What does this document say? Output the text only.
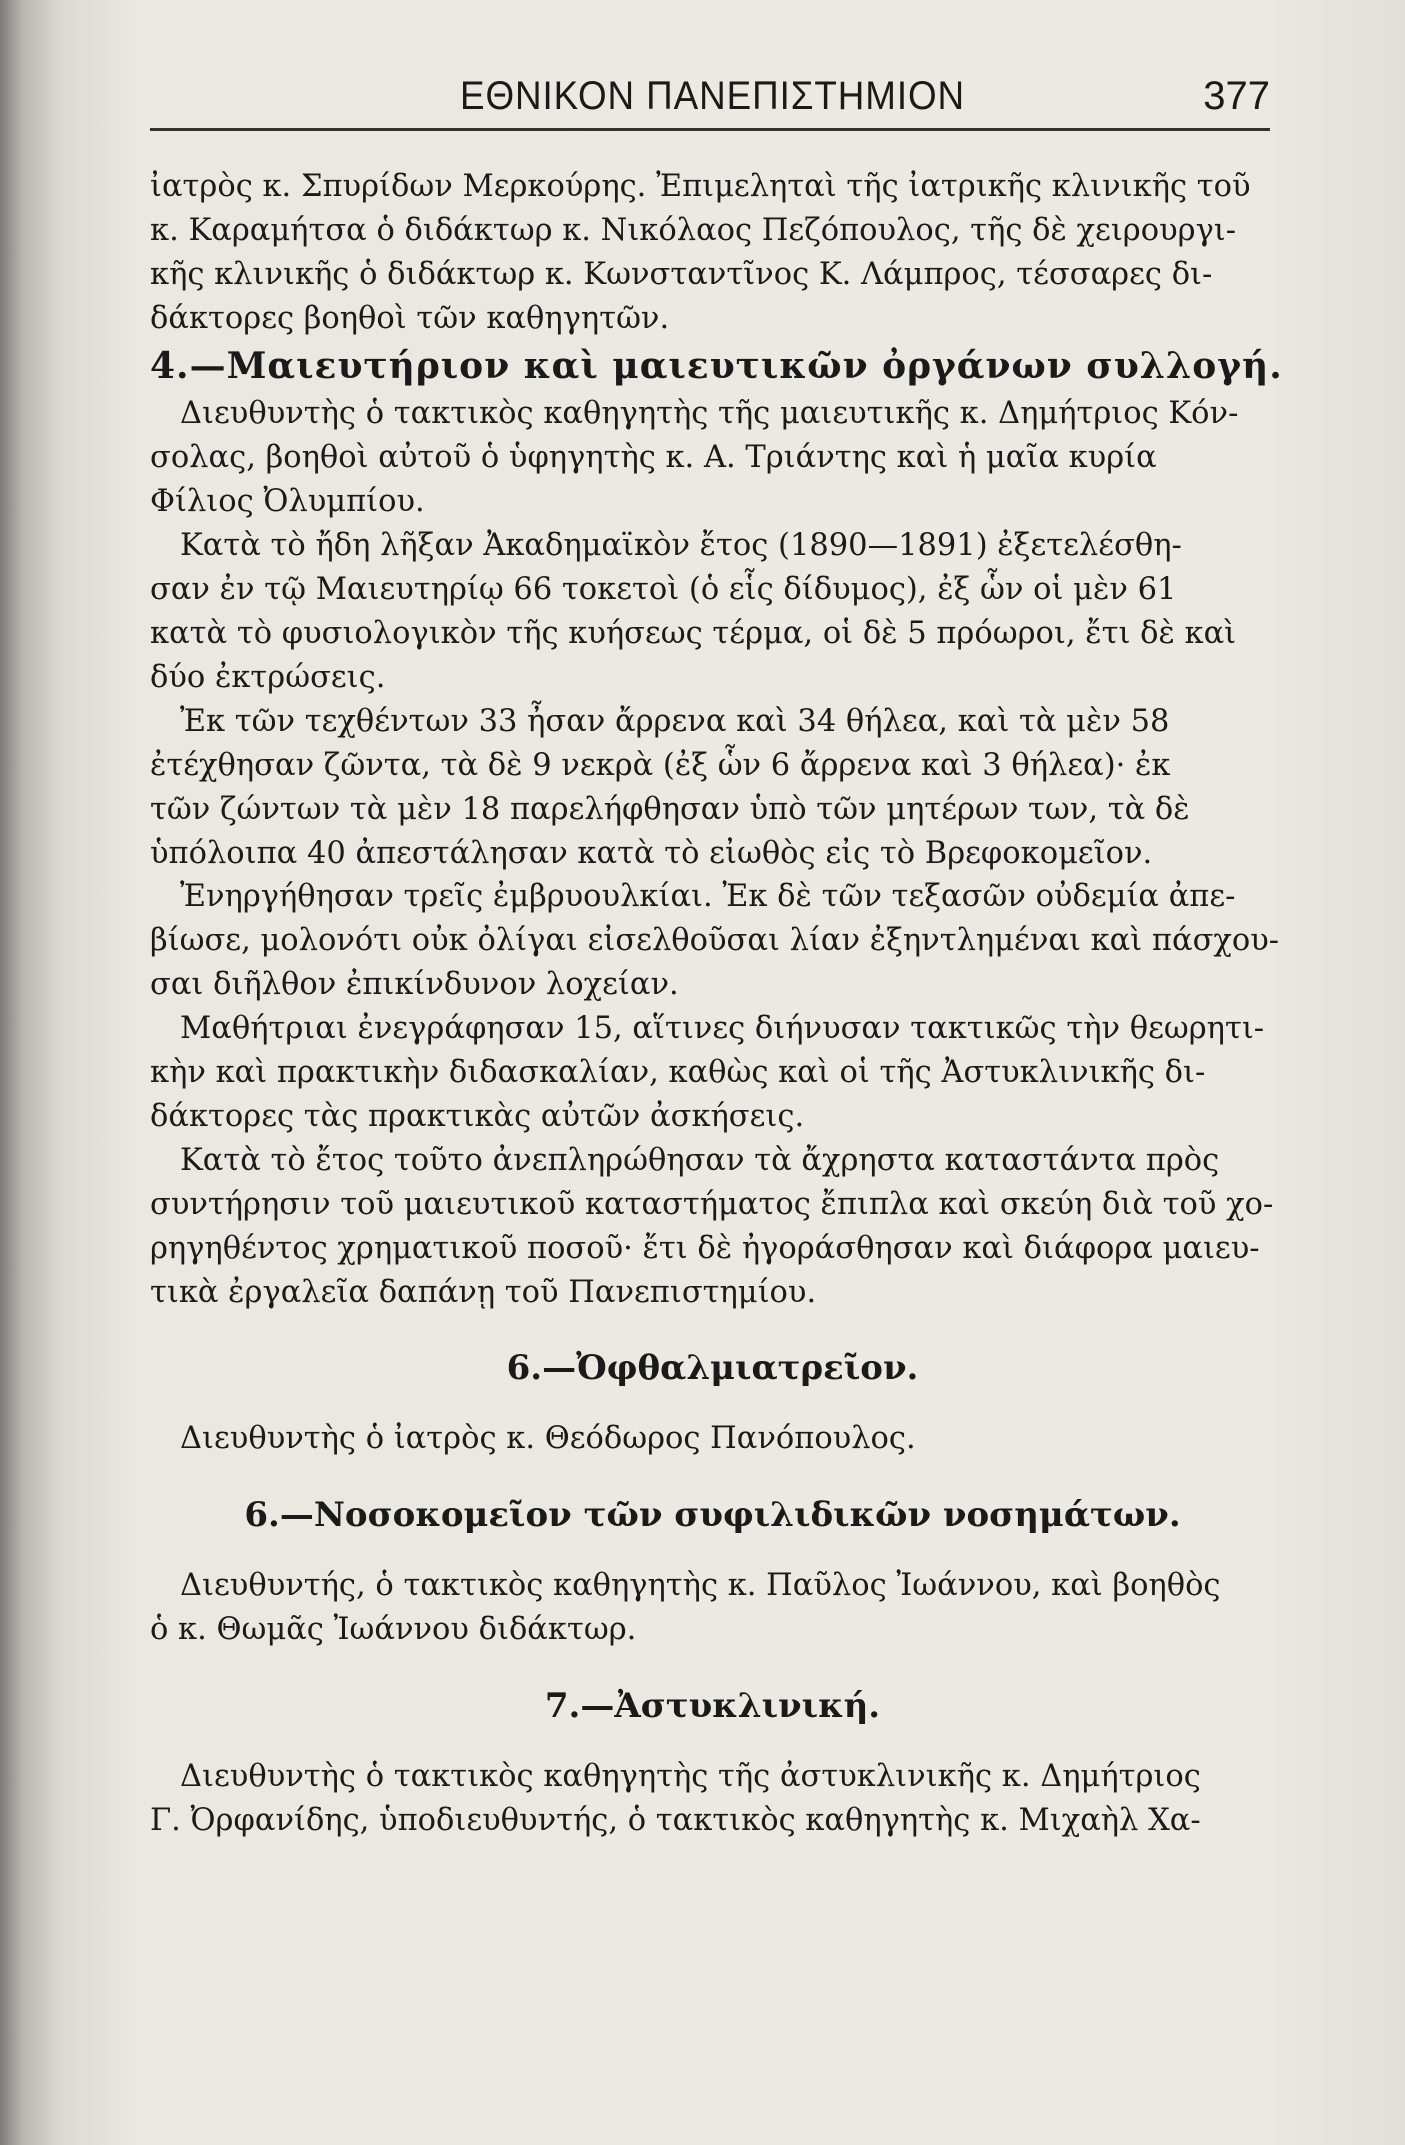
ΕΘΝΙΚΟΝ ΠΑΝΕΠΙΣΤΗΜΙΟΝ	377

ἰατρὸς κ. Σπυρίδων Μερκούρης. Ἐπιμεληταὶ τῆς ἰατρικῆς κλινικῆς τοῦ
κ. Καραμήτσα ὁ διδάκτωρ κ. Νικόλαος Πεζόπουλος, τῆς δὲ χειρουργι-
κῆς κλινικῆς ὁ διδάκτωρ κ. Κωνσταντῖνος Κ. Λάμπρος, τέσσαρες δι-
δάκτορες βοηθοὶ τῶν καθηγητῶν.

4.—Μαιευτήριον καὶ μαιευτικῶν ὀργάνων συλλογή.

Διευθυντὴς ὁ τακτικὸς καθηγητὴς τῆς μαιευτικῆς κ. Δημήτριος Κόν-
σολας, βοηθοὶ αὐτοῦ ὁ ὑφηγητὴς κ. Α. Τριάντης καὶ ἡ μαῖα κυρία
Φίλιος Ὀλυμπίου.

Κατὰ τὸ ἤδη λῆξαν Ἀκαδημαϊκὸν ἔτος (1890—1891) ἐξετελέσθη-
σαν ἐν τῷ Μαιευτηρίῳ 66 τοκετοὶ (ὁ εἷς δίδυμος), ἐξ ὧν οἱ μὲν 61
κατὰ τὸ φυσιολογικὸν τῆς κυήσεως τέρμα, οἱ δὲ 5 πρόωροι, ἔτι δὲ καὶ
δύο ἐκτρώσεις.

Ἐκ τῶν τεχθέντων 33 ἦσαν ἄρρενα καὶ 34 θήλεα, καὶ τὰ μὲν 58
ἐτέχθησαν ζῶντα, τὰ δὲ 9 νεκρὰ (ἐξ ὧν 6 ἄρρενα καὶ 3 θήλεα)· ἐκ
τῶν ζώντων τὰ μὲν 18 παρελήφθησαν ὑπὸ τῶν μητέρων των, τὰ δὲ
ὑπόλοιπα 40 ἀπεστάλησαν κατὰ τὸ εἰωθὸς εἰς τὸ Βρεφοκομεῖον.

Ἐνηργήθησαν τρεῖς ἐμβρυουλκίαι. Ἐκ δὲ τῶν τεξασῶν οὐδεμία ἀπε-
βίωσε, μολονότι οὐκ ὀλίγαι εἰσελθοῦσαι λίαν ἐξηντλημέναι καὶ πάσχου-
σαι διῆλθον ἐπικίνδυνον λοχείαν.

Μαθήτριαι ἐνεγράφησαν 15, αἵτινες διήνυσαν τακτικῶς τὴν θεωρητι-
κὴν καὶ πρακτικὴν διδασκαλίαν, καθὼς καὶ οἱ τῆς Ἀστυκλινικῆς δι-
δάκτορες τὰς πρακτικὰς αὐτῶν ἀσκήσεις.

Κατὰ τὸ ἔτος τοῦτο ἀνεπληρώθησαν τὰ ἄχρηστα καταστάντα πρὸς
συντήρησιν τοῦ μαιευτικοῦ καταστήματος ἔπιπλα καὶ σκεύη διὰ τοῦ χο-
ρηγηθέντος χρηματικοῦ ποσοῦ· ἔτι δὲ ἠγοράσθησαν καὶ διάφορα μαιευ-
τικὰ ἐργαλεῖα δαπάνῃ τοῦ Πανεπιστημίου.

6.—Ὀφθαλμιατρεῖον.

Διευθυντὴς ὁ ἰατρὸς κ. Θεόδωρος Πανόπουλος.

6.—Νοσοκομεῖον τῶν συφιλιδικῶν νοσημάτων.

Διευθυντής, ὁ τακτικὸς καθηγητὴς κ. Παῦλος Ἰωάννου, καὶ βοηθὸς
ὁ κ. Θωμᾶς Ἰωάννου διδάκτωρ.

7.—Ἀστυκλινική.

Διευθυντὴς ὁ τακτικὸς καθηγητὴς τῆς ἀστυκλινικῆς κ. Δημήτριος
Γ. Ὀρφανίδης, ὑποδιευθυντής, ὁ τακτικὸς καθηγητὴς κ. Μιχαὴλ Χα-
